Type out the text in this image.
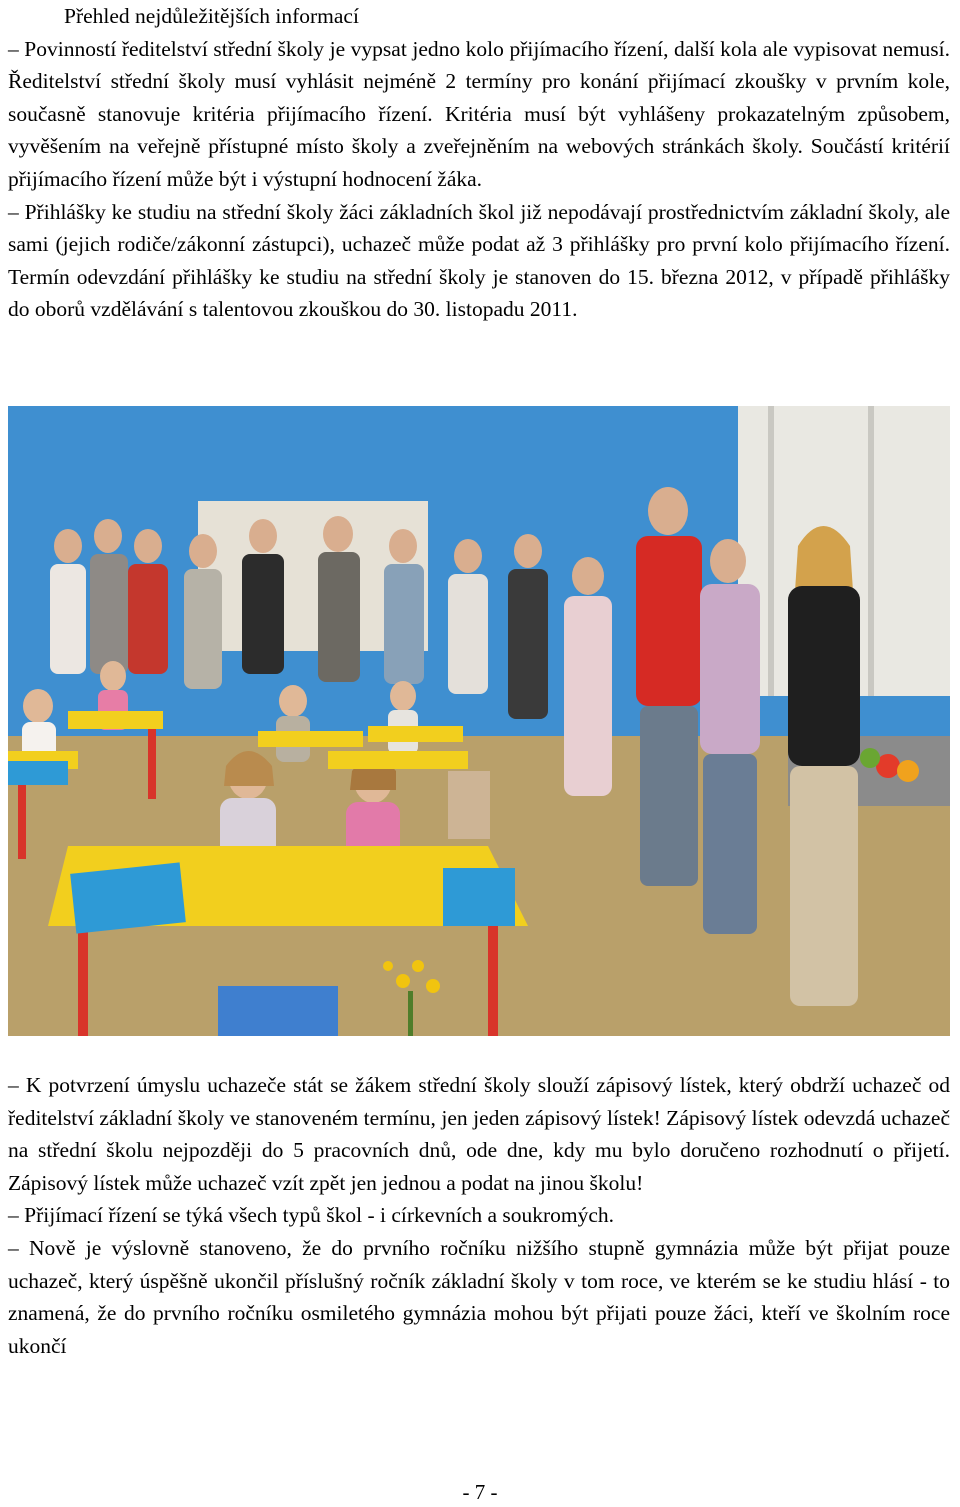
Přehled nejdůležitějších informací

– Povinností ředitelství střední školy je vypsat jedno kolo přijímacího řízení, další kola ale vypisovat nemusí. Ředitelství střední školy musí vyhlásit nejméně 2 termíny pro konání přijímací zkoušky v prvním kole, současně stanovuje kritéria přijímacího řízení. Kritéria musí být vyhlášeny prokazatelným způsobem, vyvěšením na veřejně přístupné místo školy a zveřejněním na webových stránkách školy. Součástí kritérií přijímacího řízení může být i výstupní hodnocení žáka.

– Přihlášky ke studiu na střední školy žáci základních škol již nepodávají prostřednictvím základní školy, ale sami (jejich rodiče/zákonní zástupci), uchazeč může podat až 3 přihlášky pro první kolo přijímacího řízení. Termín odevzdání přihlášky ke studiu na střední školy je stanoven do 15. března 2012, v případě přihlášky do oborů vzdělávání s talentovou zkouškou do 30. listopadu 2011.

– K potvrzení úmyslu uchazeče stát se žákem střední školy slouží zápisový lístek, který obdrží uchazeč od ředitelství základní školy ve stanoveném termínu, jen jeden zápisový lístek! Zápisový lístek odevzdá uchazeč na střední školu nejpozději do 5 pracovních dnů, ode dne, kdy mu bylo doručeno rozhodnutí o přijetí. Zápisový lístek může uchazeč vzít zpět jen jednou a podat na jinou školu!

– Přijímací řízení se týká všech typů škol - i církevních a soukromých.

– Nově je výslovně stanoveno, že do prvního ročníku nižšího stupně gymnázia může být přijat pouze uchazeč, který úspěšně ukončil příslušný ročník základní školy v tom roce, ve kterém se ke studiu hlásí - to znamená, že do prvního ročníku osmiletého gymnázia mohou být přijati pouze žáci, kteří ve školním roce ukončí

- 7 -
